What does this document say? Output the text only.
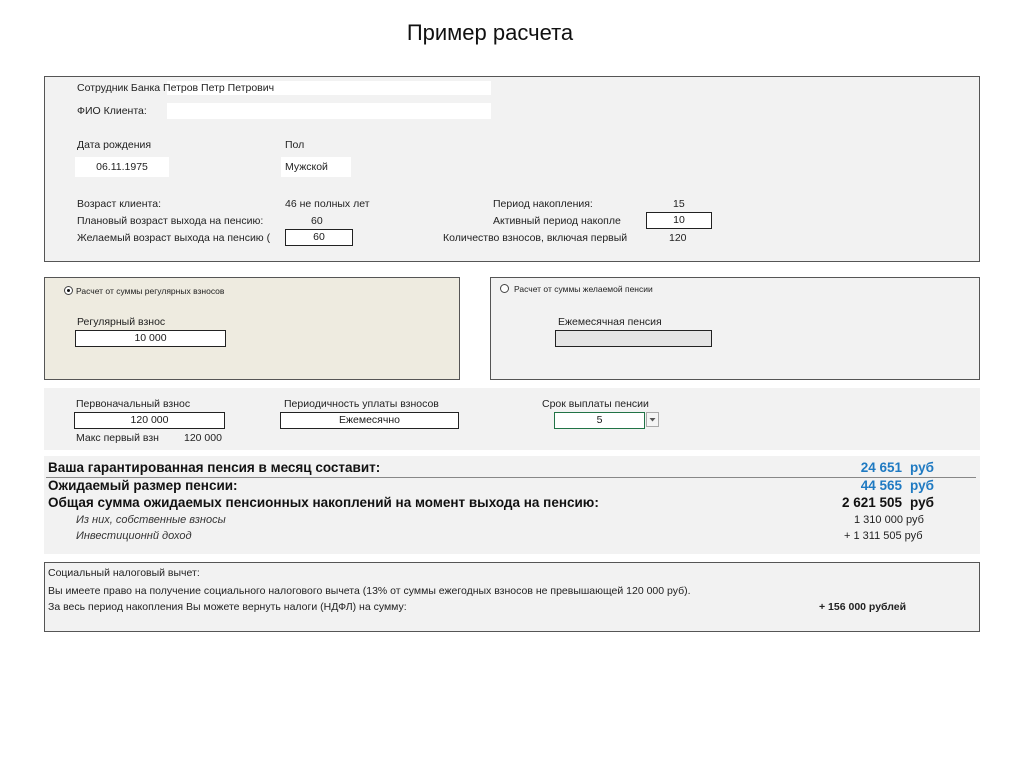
Пример расчета
Сотрудник Банка Петров Петр Петрович
ФИО Клиента:
Дата рождения
06.11.1975
Пол
Мужской
Возраст клиента:	46 не полных лет
Плановый возраст выхода на пенсию:	60
Желаемый возраст выхода на пенсию (	60
Период накопления:	15
Активный период накопле	10
Количество взносов, включая первый	120
Расчет от суммы регулярных взносов
Регулярный взнос
10 000
Расчет от суммы желаемой пенсии
Ежемесячная пенсия
Первоначальный взнос
120 000
Макс первый взн 120 000
Периодичность уплаты взносов
Ежемесячно
Срок выплаты пенсии
5
Ваша гарантированная пенсия в месяц составит:	24 651 руб
Ожидаемый размер пенсии:	44 565 руб
Общая сумма ожидаемых пенсионных накоплений на момент выхода на пенсию:	2 621 505 руб
Из них, собственные взносы	1 310 000 руб
Инвестиционнй доход	+ 1 311 505 руб
Социальный налоговый вычет:
Вы имеете право на получение социального налогового вычета (13% от суммы ежегодных взносов не превышающей 120 000 руб).
За весь период накопления Вы можете вернуть налоги (НДФЛ) на сумму:	+ 156 000 рублей
